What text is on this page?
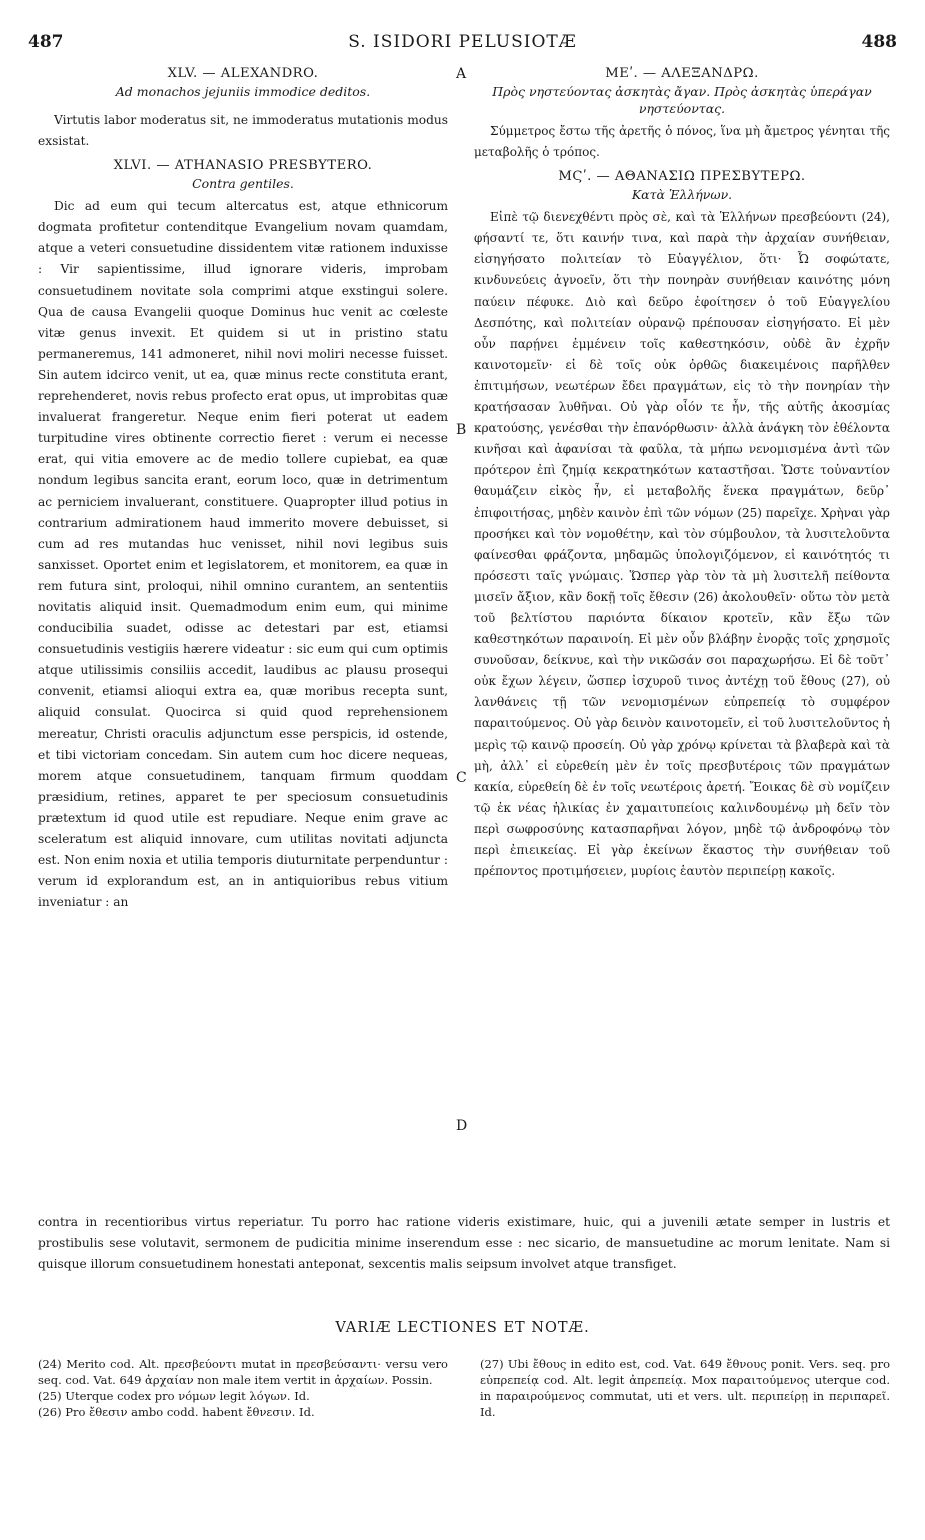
487	S. ISIDORI PELUSIOTÆ	488
A
B
C
D
XLV. — ALEXANDRO.
Ad monachos jejuniis immodice deditos.

Virtutis labor moderatus sit, ne immoderatus mutationis modus exsistat.

XLVI. — ATHANASIO PRESBYTERO.
Contra gentiles.

Dic ad eum qui tecum altercatus est, atque ethnicorum dogmata profitetur contenditque Evangelium novam quamdam, atque a veteri consuetudine dissidentem vitæ rationem induxisse : Vir sapientissime, illud ignorare videris, improbam consuetudinem novitate sola comprimi atque exstingui solere. Qua de causa Evangelii quoque Dominus huc venit ac cœleste vitæ genus invexit. Et quidem si ut in pristino statu permaneremus, 141 admoneret, nihil novi moliri necesse fuisset. Sin autem idcirco venit, ut ea, quæ minus recte constituta erant, reprehenderet, novis rebus profecto erat opus, ut improbitas quæ invaluerat frangeretur. Neque enim fieri poterat ut eadem turpitudine vires obtinente correctio fieret : verum ei necesse erat, qui vitia emovere ac de medio tollere cupiebat, ea quæ nondum legibus sancita erant, eorum loco, quæ in detrimentum ac perniciem invaluerant, constituere. Quapropter illud potius in contrarium admirationem haud immerito movere debuisset, si cum ad res mutandas huc venisset, nihil novi legibus suis sanxisset. Oportet enim et legislatorem, et monitorem, ea quæ in rem futura sint, proloqui, nihil omnino curantem, an sententiis novitatis aliquid insit. Quemadmodum enim eum, qui minime conducibilia suadet, odisse ac detestari par est, etiamsi consuetudinis vestigiis hærere videatur : sic eum qui cum optimis atque utilissimis consiliis accedit, laudibus ac plausu prosequi convenit, etiamsi alioqui extra ea, quæ moribus recepta sunt, aliquid consulat. Quocirca si quid quod reprehensionem mereatur, Christi oraculis adjunctum esse perspicis, id ostende, et tibi victoriam concedam. Sin autem cum hoc dicere nequeas, morem atque consuetudinem, tanquam firmum quoddam præsidium, retines, apparet te per speciosum consuetudinis prætextum id quod utile est repudiare. Neque enim grave ac sceleratum est aliquid innovare, cum utilitas novitati adjuncta est. Non enim noxia et utilia temporis diuturnitate perpenduntur : verum id explorandum est, an in antiquioribus rebus vitium inveniatur : an

ΜΕʹ. — ΑΛΕΞΑΝΔΡΩ.
Πρὸς νηστεύοντας ἀσκητὰς ἄγαν. Πρὸς ἀσκητὰς ὑπεράγαν νηστεύοντας.

Σύμμετρος ἔστω τῆς ἀρετῆς ὁ πόνος, ἵνα μὴ ἄμετρος γένηται τῆς μεταβολῆς ὁ τρόπος.

ΜϚʹ. — ΑΘΑΝΑΣΙΩ ΠΡΕΣΒΥΤΕΡΩ.
Κατὰ Ἑλλήνων.

Εἰπὲ τῷ διενεχθέντι πρὸς σὲ, καὶ τὰ Ἑλλήνων πρεσβεύοντι (24), φήσαντί τε, ὅτι καινήν τινα, καὶ παρὰ τὴν ἀρχαίαν συνήθειαν, εἰσηγήσατο πολιτείαν τὸ Εὐαγγέλιον, ὅτι· Ὦ σοφώτατε, κινδυνεύεις ἀγνοεῖν, ὅτι τὴν πονηρὰν συνήθειαν καινότης μόνη παύειν πέφυκε. Διὸ καὶ δεῦρο ἐφοίτησεν ὁ τοῦ Εὐαγγελίου Δεσπότης, καὶ πολιτείαν οὐρανῷ πρέπουσαν εἰσηγήσατο. Εἰ μὲν οὖν παρῄνει ἐμμένειν τοῖς καθεστηκόσιν, οὐδὲ ἂν ἐχρῆν καινοτομεῖν· εἰ δὲ τοῖς οὐκ ὀρθῶς διακειμένοις παρῆλθεν ἐπιτιμήσων, νεωτέρων ἔδει πραγμάτων, εἰς τὸ τὴν πονηρίαν τὴν κρατήσασαν λυθῆναι. Οὐ γὰρ οἷόν τε ἦν, τῆς αὐτῆς ἀκοσμίας κρατούσης, γενέσθαι τὴν ἐπανόρθωσιν· ἀλλὰ ἀνάγκη τὸν ἐθέλοντα κινῆσαι καὶ ἀφανίσαι τὰ φαῦλα, τὰ μήπω νενομισμένα ἀντὶ τῶν πρότερον ἐπὶ ζημίᾳ κεκρατηκότων καταστῆσαι. Ὥστε τοὐναντίον θαυμάζειν εἰκὸς ἦν, εἰ μεταβολῆς ἕνεκα πραγμάτων, δεῦρ᾽ ἐπιφοιτήσας, μηδὲν καινὸν ἐπὶ τῶν νόμων (25) παρεῖχε. Χρὴναι γὰρ προσήκει καὶ τὸν νομοθέτην, καὶ τὸν σύμβουλον, τὰ λυσιτελοῦντα φαίνεσθαι φράζοντα, μηδαμῶς ὑπολογιζόμενον, εἰ καινότητός τι πρόσεστι ταῖς γνώμαις. Ὥσπερ γὰρ τὸν τὰ μὴ λυσιτελῆ πείθοντα μισεῖν ἄξιον, κἂν δοκῇ τοῖς ἔθεσιν (26) ἀκολουθεῖν· οὕτω τὸν μετὰ τοῦ βελτίστου παριόντα δίκαιον κροτεῖν, κἂν ἔξω τῶν καθεστηκότων παραινοίη. Εἰ μὲν οὖν βλάβην ἐνορᾷς τοῖς χρησμοῖς συνοῦσαν, δείκνυε, καὶ τὴν νικῶσάν σοι παραχωρήσω. Εἰ δὲ τοῦτ᾽ οὐκ ἔχων λέγειν, ὥσπερ ἰσχυροῦ τινος ἀντέχῃ τοῦ ἔθους (27), οὐ λανθάνεις τῇ τῶν νενομισμένων εὐπρεπείᾳ τὸ συμφέρον παραιτούμενος. Οὐ γὰρ δεινὸν καινοτομεῖν, εἰ τοῦ λυσιτελοῦντος ἡ μερὶς τῷ καινῷ προσείη. Οὐ γὰρ χρόνῳ κρίνεται τὰ βλαβερὰ καὶ τὰ μὴ, ἀλλ᾽ εἰ εὑρεθείη μὲν ἐν τοῖς πρεσβυτέροις τῶν πραγμάτων κακία, εὑρεθείη δὲ ἐν τοῖς νεωτέροις ἀρετή. Ἔοικας δὲ σὺ νομίζειν τῷ ἐκ νέας ἡλικίας ἐν χαμαιτυπείοις καλινδουμένῳ μὴ δεῖν τὸν περὶ σωφροσύνης κατασπαρῆναι λόγον, μηδὲ τῷ ἀνδροφόνῳ τὸν περὶ ἐπιεικείας. Εἰ γὰρ ἐκείνων ἕκαστος τὴν συνήθειαν τοῦ πρέποντος προτιμήσειεν, μυρίοις ἑαυτὸν περιπείρῃ κακοῖς.

contra in recentioribus virtus reperiatur. Tu porro hac ratione videris existimare, huic, qui a juvenili ætate semper in lustris et prostibulis sese volutavit, sermonem de pudicitia minime inserendum esse : nec sicario, de mansuetudine ac morum lenitate. Nam si quisque illorum consuetudinem honestati anteponat, sexcentis malis seipsum involvet atque transfiget.
VARIÆ LECTIONES ET NOTÆ.

(24) Merito cod. Alt. πρεσβεύοντι mutat in πρεσβεύσαντι· versu vero seq. cod. Vat. 649 ἀρχαίαν non male item vertit in ἀρχαίων. Possin.

(25) Uterque codex pro νόμων legit λόγων. Id.

(26) Pro ἔθεσιν ambo codd. habent ἔθνεσιν. Id.

(27) Ubi ἔθους in edito est, cod. Vat. 649 ἔθνους ponit. Vers. seq. pro εὐπρεπείᾳ cod. Alt. legit ἀπρεπείᾳ. Mox παραιτούμενος uterque cod. in παραιρούμενος commutat, uti et vers. ult. περιπείρῃ in περιπαρεῖ. Id.
